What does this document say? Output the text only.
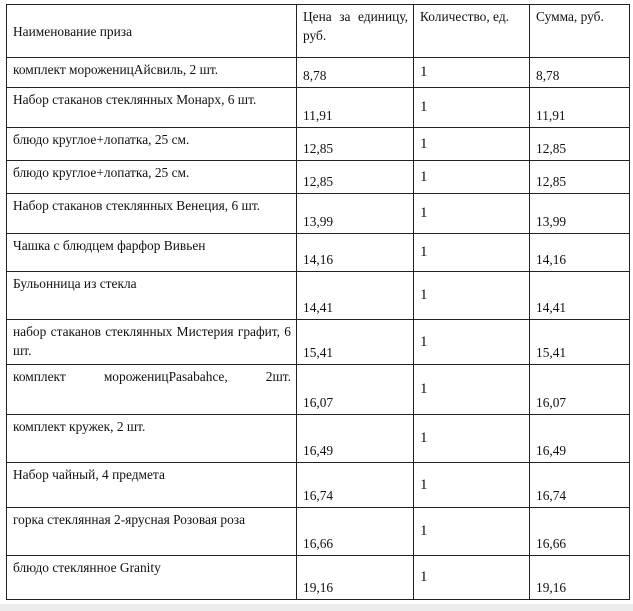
Наименование приза	Цена за единицу, руб.	Количество, ед.	Сумма, руб.
комплект мороженицАйсвиль, 2 шт.	8,78	1	8,78
Набор стаканов стеклянных Монарх, 6 шт.	11,91	1	11,91
блюдо круглое+лопатка, 25 см.	12,85	1	12,85
блюдо круглое+лопатка, 25 см.	12,85	1	12,85
Набор стаканов стеклянных Венеция, 6 шт.	13,99	1	13,99
Чашка с блюдцем фарфор Вивьен	14,16	1	14,16
Бульонница из стекла	14,41	1	14,41
набор стаканов стеклянных Мистерия графит, 6 шт.	15,41	1	15,41
комплект мороженицPasabahce, 2шт.	16,07	1	16,07
комплект кружек, 2 шт.	16,49	1	16,49
Набор чайный, 4 предмета	16,74	1	16,74
горка стеклянная 2-ярусная Розовая роза	16,66	1	16,66
блюдо стеклянное Granity	19,16	1	19,16
